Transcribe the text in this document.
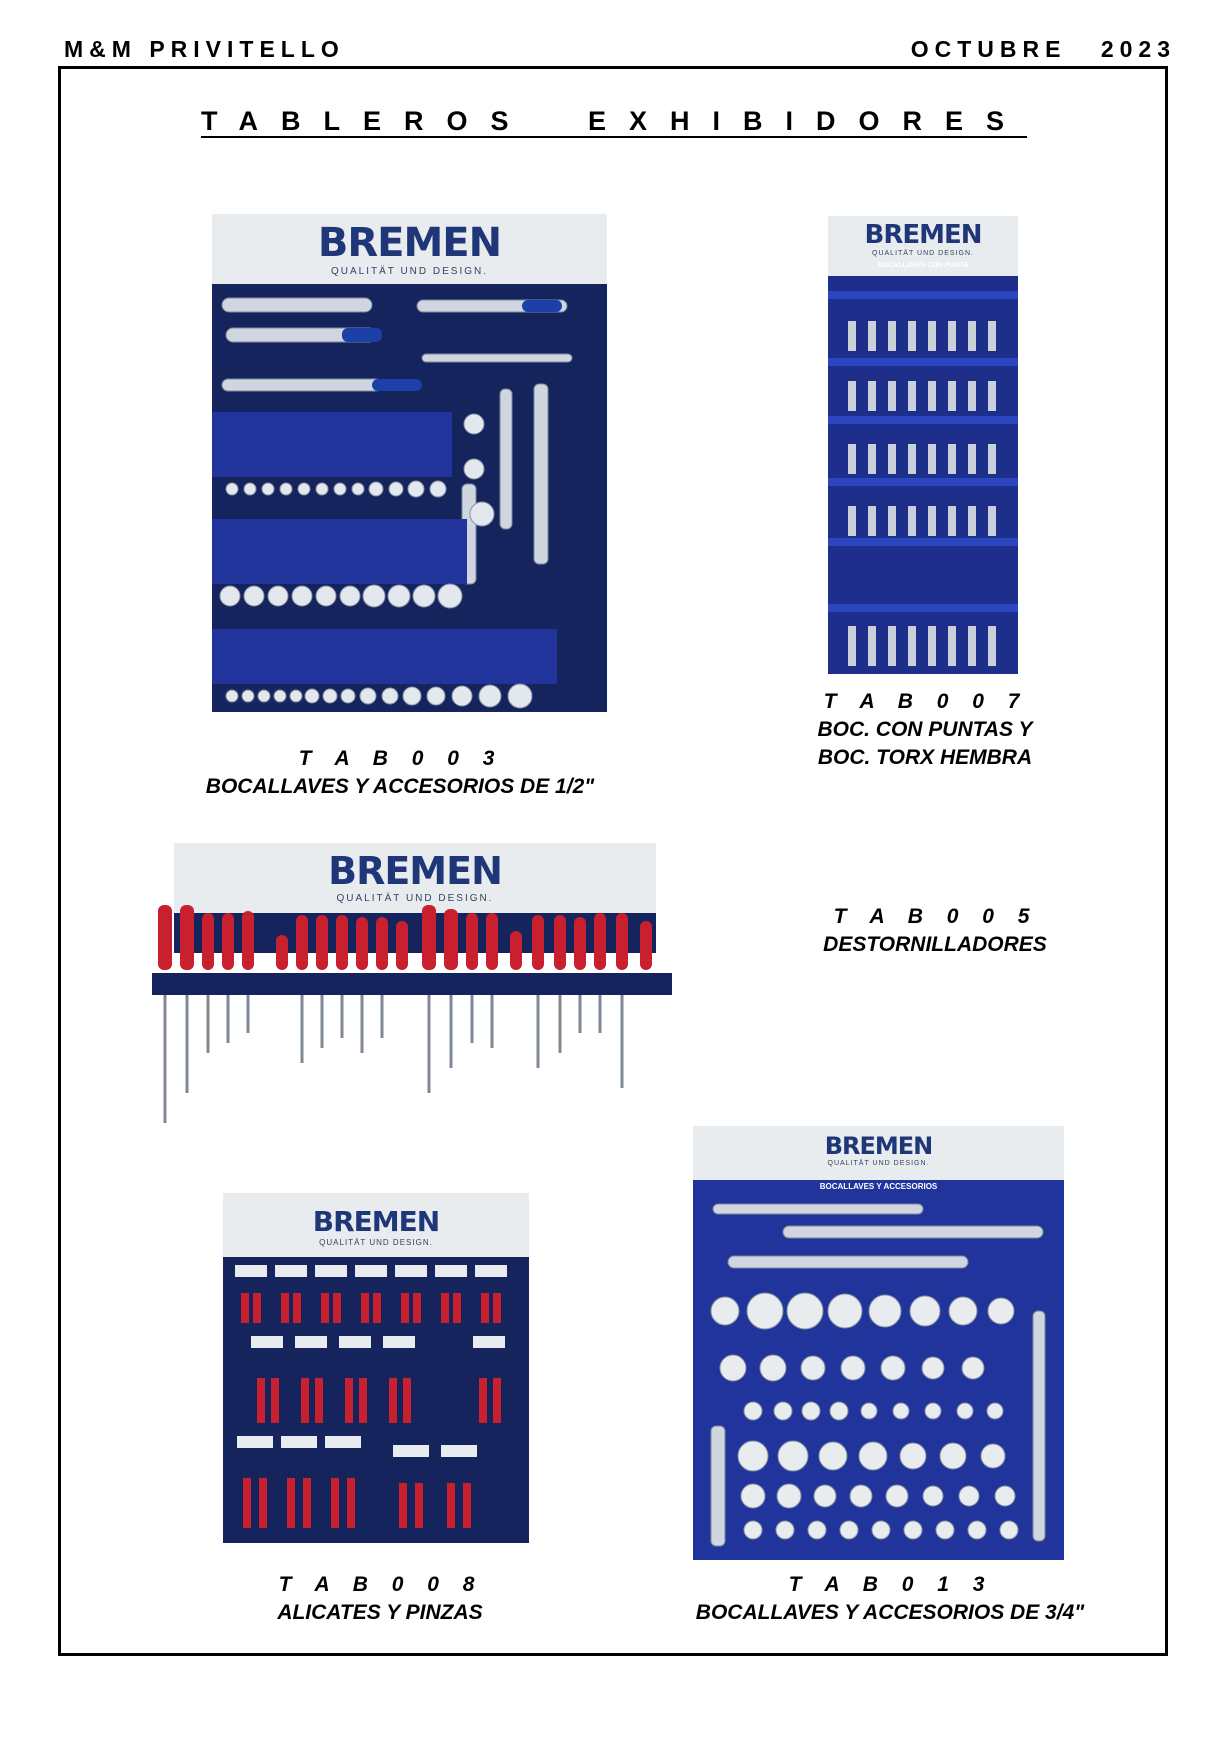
M&M PRIVITELLO	OCTUBRE 2023
TABLEROS EXHIBIDORES
BREMEN
QUALITÄT UND DESIGN.
BREMEN
QUALITÄT UND DESIGN.
BOCALLAVES CON PUNTA
BREMEN
QUALITÄT UND DESIGN.
BREMEN
QUALITÄT UND DESIGN.
BREMEN
QUALITÄT UND DESIGN.
BOCALLAVES Y ACCESORIOS
T A B 0 0 3
BOCALLAVES Y ACCESORIOS DE 1/2"
T A B 0 0 7
BOC. CON PUNTAS Y
BOC. TORX HEMBRA
T A B 0 0 5
DESTORNILLADORES
T A B 0 0 8
ALICATES Y PINZAS
T A B 0 1 3
BOCALLAVES Y ACCESORIOS DE 3/4"
